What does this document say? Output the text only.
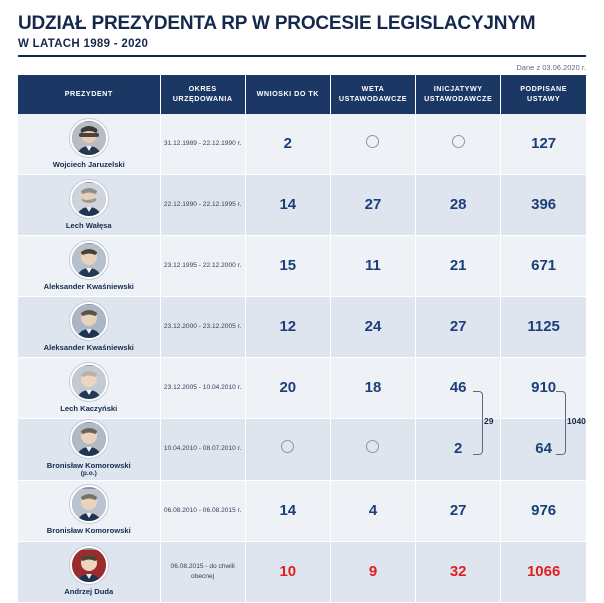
UDZIAŁ PREZYDENTA RP W PROCESIE LEGISLACYJNYM
W LATACH 1989 - 2020
Dane z 03.06.2020 r.
PREZYDENT	OKRES URZĘDOWANIA	WNIOSKI DO TK	WETA USTAWODAWCZE	INICJATYWY USTAWODAWCZE	PODPISANE USTAWY

Wojciech Jaruzelski	31.12.1989 - 22.12.1990 r.	2			127

Lech Wałęsa	22.12.1990 - 22.12.1995 r.	14	27	28	396

Aleksander Kwaśniewski	23.12.1995 - 22.12.2000 r.	15	11	21	671

Aleksander Kwaśniewski	23.12.2000 - 23.12.2005 r.	12	24	27	1125

Lech Kaczyński	23.12.2005 - 10.04.2010 r.	20	18	46	910

Bronisław Komorowski
(p.o.)	10.04.2010 - 08.07.2010 r.			2	64

Bronisław Komorowski	06.08.2010 - 06.08.2015 r.	14	4	27	976

Andrzej Duda	06.08.2015 - do chwili obecnej	10	9	32	1066
29	1040
